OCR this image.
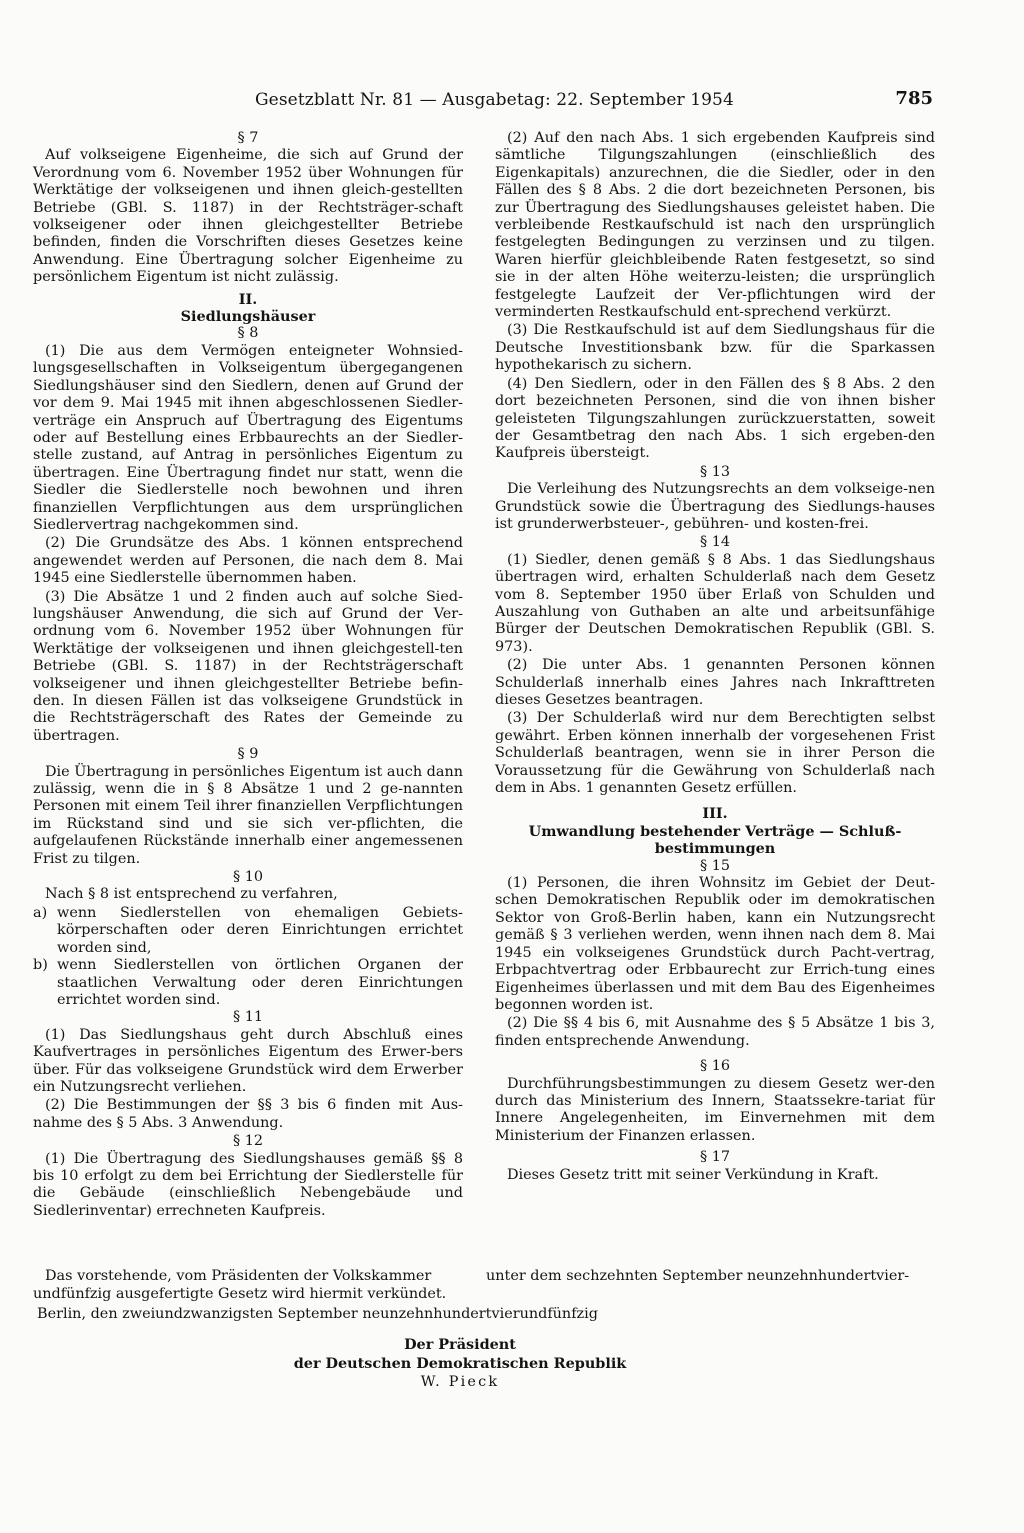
Gesetzblatt Nr. 81 — Ausgabetag: 22. September 1954	785

§ 7

Auf volkseigene Eigenheime, die sich auf Grund der Verordnung vom 6. November 1952 über Wohnungen für Werktätige der volkseigenen und ihnen gleich-gestellten Betriebe (GBl. S. 1187) in der Rechtsträger-schaft volkseigener oder ihnen gleichgestellter Betriebe befinden, finden die Vorschriften dieses Gesetzes keine Anwendung. Eine Übertragung solcher Eigenheime zu persönlichem Eigentum ist nicht zulässig.

II.

Siedlungshäuser

§ 8

(1) Die aus dem Vermögen enteigneter Wohnsied-lungsgesellschaften in Volkseigentum übergegangenen Siedlungshäuser sind den Siedlern, denen auf Grund der vor dem 9. Mai 1945 mit ihnen abgeschlossenen Siedler-verträge ein Anspruch auf Übertragung des Eigentums oder auf Bestellung eines Erbbaurechts an der Siedler-stelle zustand, auf Antrag in persönliches Eigentum zu übertragen. Eine Übertragung findet nur statt, wenn die Siedler die Siedlerstelle noch bewohnen und ihren finanziellen Verpflichtungen aus dem ursprünglichen Siedlervertrag nachgekommen sind.

(2) Die Grundsätze des Abs. 1 können entsprechend angewendet werden auf Personen, die nach dem 8. Mai 1945 eine Siedlerstelle übernommen haben.

(3) Die Absätze 1 und 2 finden auch auf solche Sied-lungshäuser Anwendung, die sich auf Grund der Ver-ordnung vom 6. November 1952 über Wohnungen für Werktätige der volkseigenen und ihnen gleichgestell-ten Betriebe (GBl. S. 1187) in der Rechtsträgerschaft volkseigener und ihnen gleichgestellter Betriebe befin-den. In diesen Fällen ist das volkseigene Grundstück in die Rechtsträgerschaft des Rates der Gemeinde zu übertragen.

§ 9

Die Übertragung in persönliches Eigentum ist auch dann zulässig, wenn die in § 8 Absätze 1 und 2 ge-nannten Personen mit einem Teil ihrer finanziellen Verpflichtungen im Rückstand sind und sie sich ver-pflichten, die aufgelaufenen Rückstände innerhalb einer angemessenen Frist zu tilgen.

§ 10

Nach § 8 ist entsprechend zu verfahren,

a) wenn Siedlerstellen von ehemaligen Gebiets-körperschaften oder deren Einrichtungen errichtet worden sind,
b) wenn Siedlerstellen von örtlichen Organen der staatlichen Verwaltung oder deren Einrichtungen errichtet worden sind.

§ 11

(1) Das Siedlungshaus geht durch Abschluß eines Kaufvertrages in persönliches Eigentum des Erwer-bers über. Für das volkseigene Grundstück wird dem Erwerber ein Nutzungsrecht verliehen.

(2) Die Bestimmungen der §§ 3 bis 6 finden mit Aus-nahme des § 5 Abs. 3 Anwendung.

§ 12

(1) Die Übertragung des Siedlungshauses gemäß §§ 8 bis 10 erfolgt zu dem bei Errichtung der Siedlerstelle für die Gebäude (einschließlich Nebengebäude und Siedlerinventar) errechneten Kaufpreis.

(2) Auf den nach Abs. 1 sich ergebenden Kaufpreis sind sämtliche Tilgungszahlungen (einschließlich des Eigenkapitals) anzurechnen, die die Siedler, oder in den Fällen des § 8 Abs. 2 die dort bezeichneten Personen, bis zur Übertragung des Siedlungshauses geleistet haben. Die verbleibende Restkaufschuld ist nach den ursprünglich festgelegten Bedingungen zu verzinsen und zu tilgen. Waren hierfür gleichbleibende Raten festgesetzt, so sind sie in der alten Höhe weiterzu-leisten; die ursprünglich festgelegte Laufzeit der Ver-pflichtungen wird der verminderten Restkaufschuld ent-sprechend verkürzt.

(3) Die Restkaufschuld ist auf dem Siedlungshaus für die Deutsche Investitionsbank bzw. für die Sparkassen hypothekarisch zu sichern.

(4) Den Siedlern, oder in den Fällen des § 8 Abs. 2 den dort bezeichneten Personen, sind die von ihnen bisher geleisteten Tilgungszahlungen zurückzuerstatten, soweit der Gesamtbetrag den nach Abs. 1 sich ergeben-den Kaufpreis übersteigt.

§ 13

Die Verleihung des Nutzungsrechts an dem volkseige-nen Grundstück sowie die Übertragung des Siedlungs-hauses ist grunderwerbsteuer-, gebühren- und kosten-frei.

§ 14

(1) Siedler, denen gemäß § 8 Abs. 1 das Siedlungshaus übertragen wird, erhalten Schulderlaß nach dem Gesetz vom 8. September 1950 über Erlaß von Schulden und Auszahlung von Guthaben an alte und arbeitsunfähige Bürger der Deutschen Demokratischen Republik (GBl. S. 973).

(2) Die unter Abs. 1 genannten Personen können Schulderlaß innerhalb eines Jahres nach Inkrafttreten dieses Gesetzes beantragen.

(3) Der Schulderlaß wird nur dem Berechtigten selbst gewährt. Erben können innerhalb der vorgesehenen Frist Schulderlaß beantragen, wenn sie in ihrer Person die Voraussetzung für die Gewährung von Schulderlaß nach dem in Abs. 1 genannten Gesetz erfüllen.

III.

Umwandlung bestehender Verträge — Schluß-bestimmungen

§ 15

(1) Personen, die ihren Wohnsitz im Gebiet der Deut-schen Demokratischen Republik oder im demokratischen Sektor von Groß-Berlin haben, kann ein Nutzungsrecht gemäß § 3 verliehen werden, wenn ihnen nach dem 8. Mai 1945 ein volkseigenes Grundstück durch Pacht-vertrag, Erbpachtvertrag oder Erbbaurecht zur Errich-tung eines Eigenheimes überlassen und mit dem Bau des Eigenheimes begonnen worden ist.

(2) Die §§ 4 bis 6, mit Ausnahme des § 5 Absätze 1 bis 3, finden entsprechende Anwendung.

§ 16

Durchführungsbestimmungen zu diesem Gesetz wer-den durch das Ministerium des Innern, Staatssekre-tariat für Innere Angelegenheiten, im Einvernehmen mit dem Ministerium der Finanzen erlassen.

§ 17

Dieses Gesetz tritt mit seiner Verkündung in Kraft.

Das vorstehende, vom Präsidenten der Volkskammer	unter dem sechzehnten September neunzehnhundertvier-
undfünfzig ausgefertigte Gesetz wird hiermit verkündet.
Berlin, den zweiundzwanzigsten September neunzehnhundertvierundfünfzig
Der Präsident
der Deutschen Demokratischen Republik
W. Pieck
